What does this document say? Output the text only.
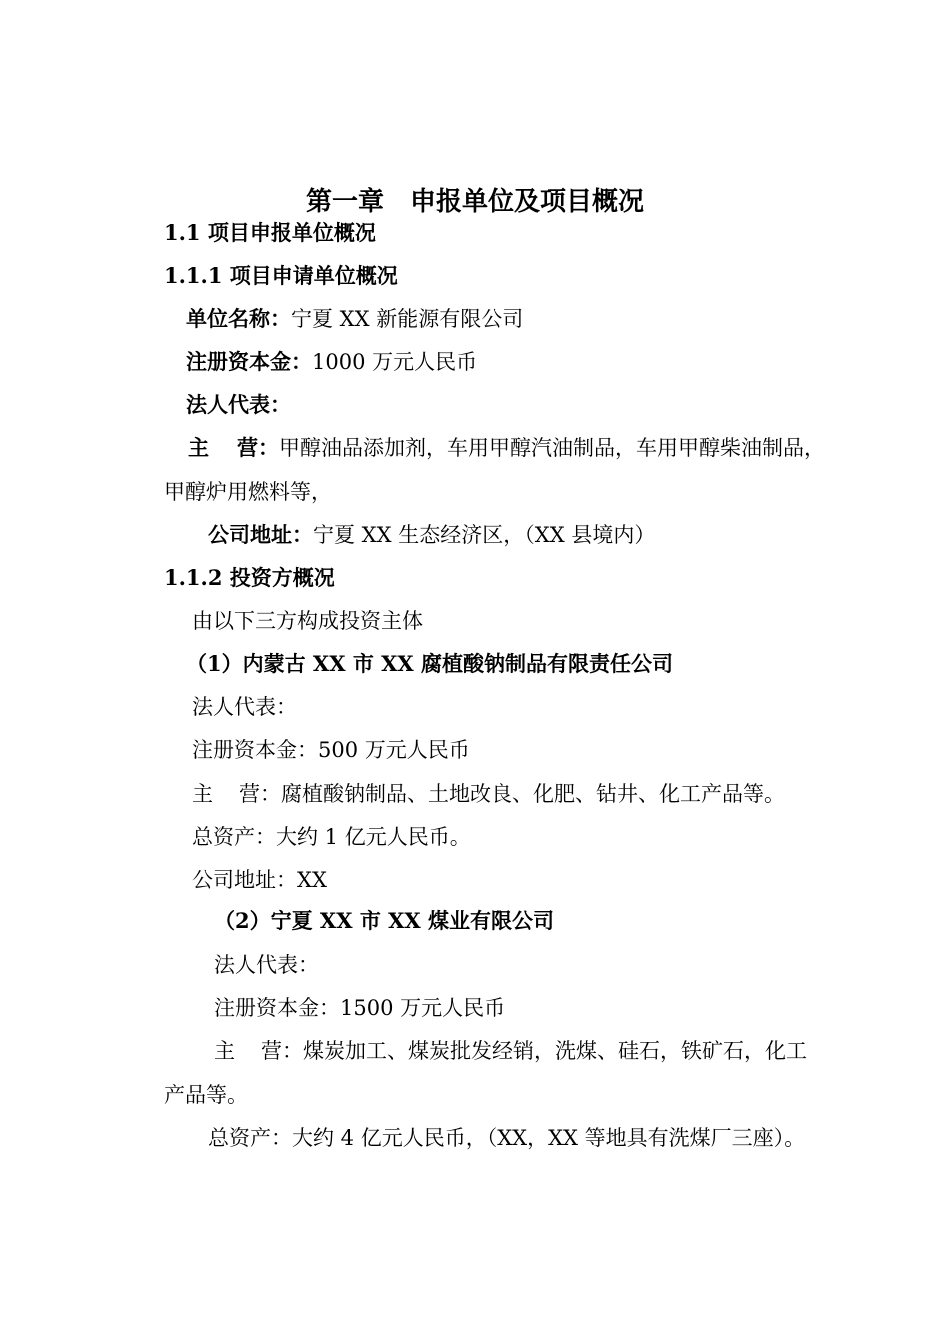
第一章　申报单位及项目概况
1.1 项目申报单位概况
1.1.1 项目申请单位概况
单位名称：宁夏 XX 新能源有限公司
注册资本金：1000 万元人民币
法人代表：
主 营：甲醇油品添加剂，车用甲醇汽油制品，车用甲醇柴油制品，
甲醇炉用燃料等，
公司地址：宁夏 XX 生态经济区，（XX 县境内）
1.1.2 投资方概况
由以下三方构成投资主体
（1）内蒙古 XX 市 XX 腐植酸钠制品有限责任公司
法人代表：
注册资本金：500 万元人民币
主 营：腐植酸钠制品、土地改良、化肥、钻井、化工产品等。
总资产：大约 1 亿元人民币。
公司地址：XX
（2）宁夏 XX 市 XX 煤业有限公司
法人代表：
注册资本金：1500 万元人民币
主 营：煤炭加工、煤炭批发经销，洗煤、硅石，铁矿石，化工
产品等。
总资产：大约 4 亿元人民币，（XX，XX 等地具有洗煤厂三座）。
